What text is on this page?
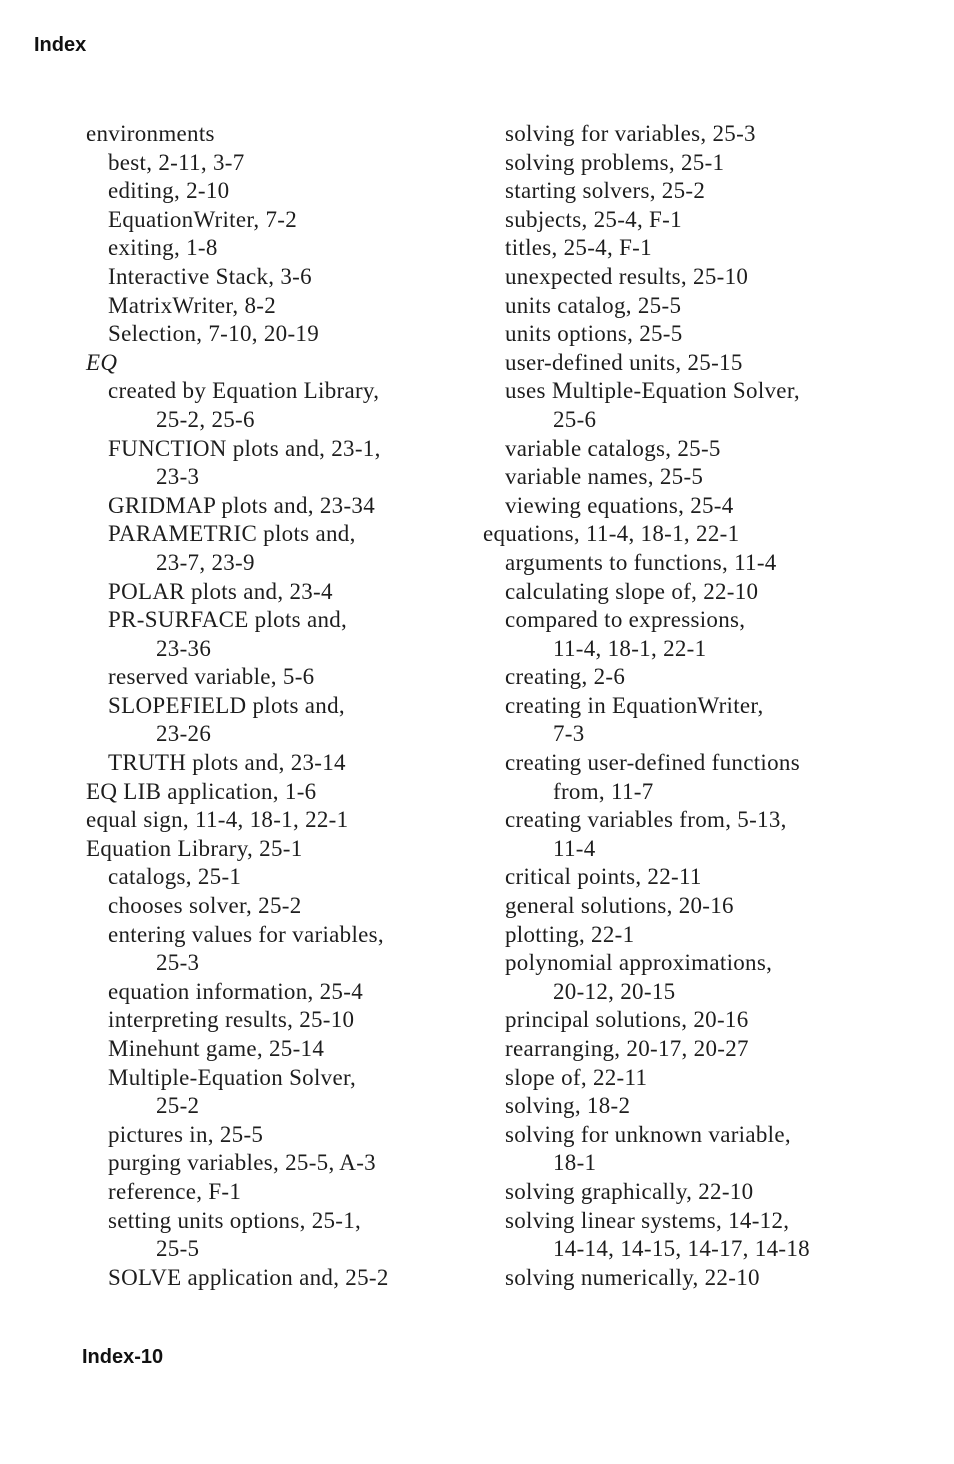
Index
environments
best, 2-11, 3-7
editing, 2-10
EquationWriter, 7-2
exiting, 1-8
Interactive Stack, 3-6
MatrixWriter, 8-2
Selection, 7-10, 20-19
EQ
created by Equation Library,
25-2, 25-6
FUNCTION plots and, 23-1,
23-3
GRIDMAP plots and, 23-34
PARAMETRIC plots and,
23-7, 23-9
POLAR plots and, 23-4
PR-SURFACE plots and,
23-36
reserved variable, 5-6
SLOPEFIELD plots and,
23-26
TRUTH plots and, 23-14
EQ LIB application, 1-6
equal sign, 11-4, 18-1, 22-1
Equation Library, 25-1
catalogs, 25-1
chooses solver, 25-2
entering values for variables,
25-3
equation information, 25-4
interpreting results, 25-10
Minehunt game, 25-14
Multiple-Equation Solver,
25-2
pictures in, 25-5
purging variables, 25-5, A-3
reference, F-1
setting units options, 25-1,
25-5
SOLVE application and, 25-2
solving for variables, 25-3
solving problems, 25-1
starting solvers, 25-2
subjects, 25-4, F-1
titles, 25-4, F-1
unexpected results, 25-10
units catalog, 25-5
units options, 25-5
user-defined units, 25-15
uses Multiple-Equation Solver,
25-6
variable catalogs, 25-5
variable names, 25-5
viewing equations, 25-4
equations, 11-4, 18-1, 22-1
arguments to functions, 11-4
calculating slope of, 22-10
compared to expressions,
11-4, 18-1, 22-1
creating, 2-6
creating in EquationWriter,
7-3
creating user-defined functions
from, 11-7
creating variables from, 5-13,
11-4
critical points, 22-11
general solutions, 20-16
plotting, 22-1
polynomial approximations,
20-12, 20-15
principal solutions, 20-16
rearranging, 20-17, 20-27
slope of, 22-11
solving, 18-2
solving for unknown variable,
18-1
solving graphically, 22-10
solving linear systems, 14-12,
14-14, 14-15, 14-17, 14-18
solving numerically, 22-10
Index-10
